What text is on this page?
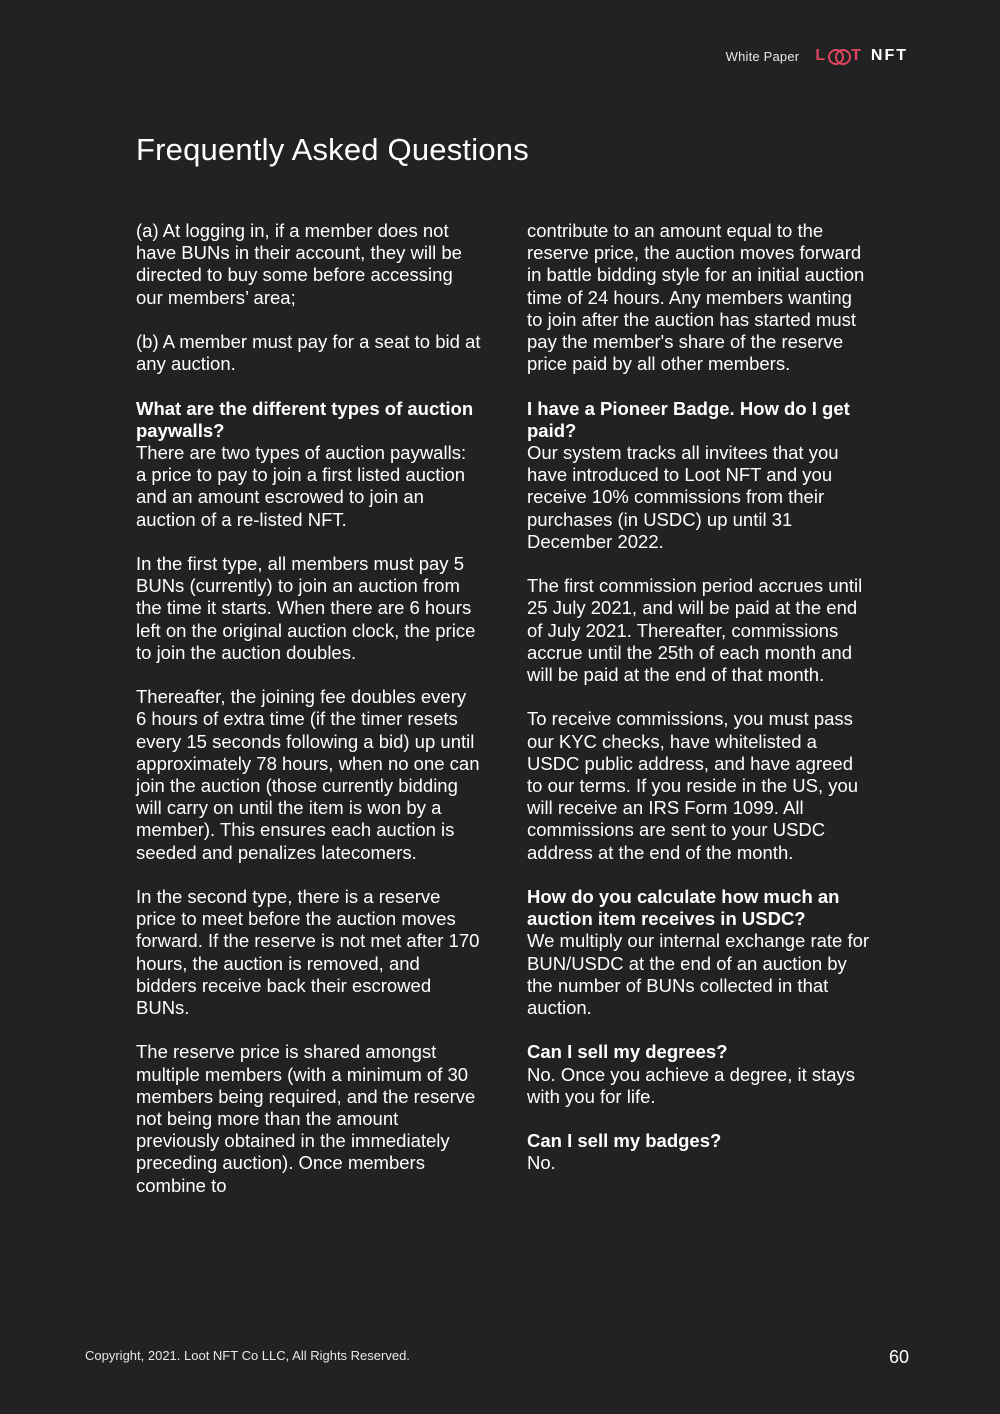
White Paper L T NFT
Frequently Asked Questions

(a) At logging in, if a member does not have BUNs in their account, they will be directed to buy some before accessing our members’ area;

(b) A member must pay for a seat to bid at any auction.

What are the different types of auction paywalls?
There are two types of auction paywalls: a price to pay to join a first listed auction and an amount escrowed to join an auction of a re-listed NFT.

In the first type, all members must pay 5 BUNs (currently) to join an auction from the time it starts. When there are 6 hours left on the original auction clock, the price to join the auction doubles.

Thereafter, the joining fee doubles every 6 hours of extra time (if the timer resets every 15 seconds following a bid) up until approximately 78 hours, when no one can join the auction (those currently bidding will carry on until the item is won by a member). This ensures each auction is seeded and penalizes latecomers.

In the second type, there is a reserve price to meet before the auction moves forward. If the reserve is not met after 170 hours, the auction is removed, and bidders receive back their escrowed BUNs.

The reserve price is shared amongst multiple members (with a minimum of 30 members being required, and the reserve not being more than the amount previously obtained in the immediately preceding auction). Once members combine to

contribute to an amount equal to the reserve price, the auction moves forward in battle bidding style for an initial auction time of 24 hours. Any members wanting to join after the auction has started must pay the member's share of the reserve price paid by all other members.

I have a Pioneer Badge. How do I get paid?
Our system tracks all invitees that you have introduced to Loot NFT and you receive 10% commissions from their purchases (in USDC) up until 31 December 2022.

The first commission period accrues until 25 July 2021, and will be paid at the end of July 2021. Thereafter, commissions accrue until the 25th of each month and will be paid at the end of that month.

To receive commissions, you must pass our KYC checks, have whitelisted a USDC public address, and have agreed to our terms. If you reside in the US, you will receive an IRS Form 1099. All commissions are sent to your USDC address at the end of the month.

How do you calculate how much an auction item receives in USDC?
We multiply our internal exchange rate for BUN/USDC at the end of an auction by the number of BUNs collected in that auction.

Can I sell my degrees?
No. Once you achieve a degree, it stays with you for life.

Can I sell my badges?
No.

Copyright, 2021. Loot NFT Co LLC, All Rights Reserved.	60
